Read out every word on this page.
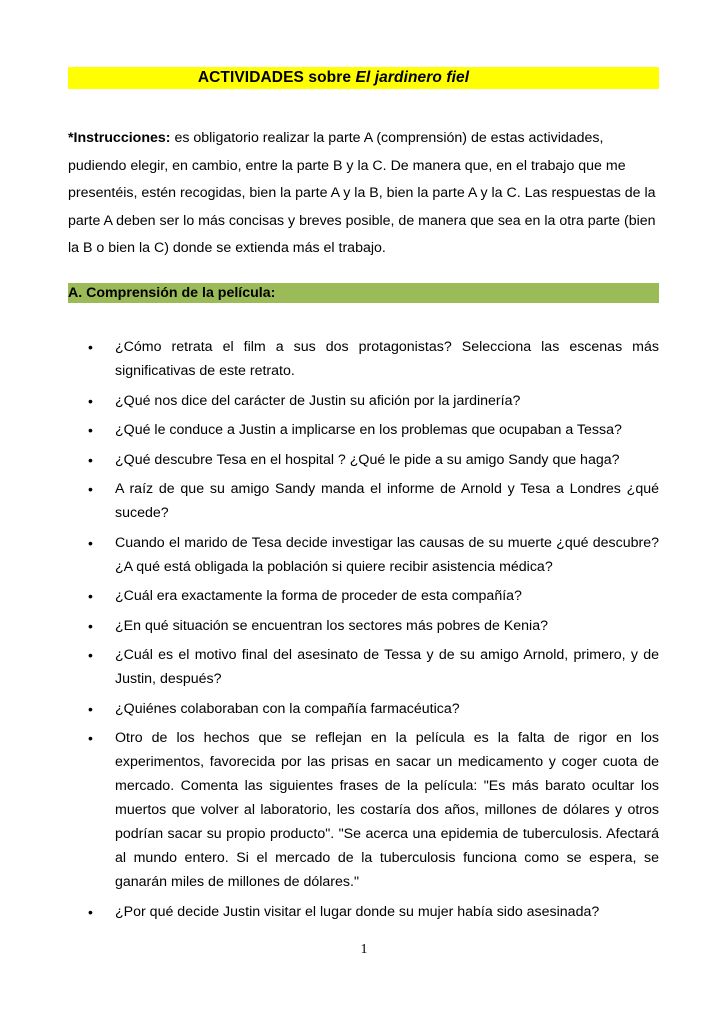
ACTIVIDADES sobre El jardinero fiel
*Instrucciones: es obligatorio realizar la parte A (comprensión) de estas actividades, pudiendo elegir, en cambio, entre la parte B y la C. De manera que, en el trabajo que me presentéis, estén recogidas, bien la parte A y la B, bien la parte A y la C. Las respuestas de la parte A deben ser lo más concisas y breves posible, de manera que sea en la otra parte (bien la B o bien la C) donde se extienda más el trabajo.
A. Comprensión de la película:
• ¿Cómo retrata el film a sus dos protagonistas? Selecciona las escenas más significativas de este retrato.
• ¿Qué nos dice del carácter de Justin su afición por la jardinería?
• ¿Qué le conduce a Justin a implicarse en los problemas que ocupaban a Tessa?
• ¿Qué descubre Tesa en el hospital ? ¿Qué le pide a su amigo Sandy que haga?
• A raíz de que su amigo Sandy manda el informe de Arnold y Tesa a Londres ¿qué sucede?
• Cuando el marido de Tesa decide investigar las causas de su muerte ¿qué descubre? ¿A qué está obligada la población si quiere recibir asistencia médica?
• ¿Cuál era exactamente la forma de proceder de esta compañía?
• ¿En qué situación se encuentran los sectores más pobres de Kenia?
• ¿Cuál es el motivo final del asesinato de Tessa y de su amigo Arnold, primero, y de Justin, después?
• ¿Quiénes colaboraban con la compañía farmacéutica?
• Otro de los hechos que se reflejan en la película es la falta de rigor en los experimentos, favorecida por las prisas en sacar un medicamento y coger cuota de mercado. Comenta las siguientes frases de la película: "Es más barato ocultar los muertos que volver al laboratorio, les costaría dos años, millones de dólares y otros podrían sacar su propio producto". "Se acerca una epidemia de tuberculosis. Afectará al mundo entero. Si el mercado de la tuberculosis funciona como se espera, se ganarán miles de millones de dólares."
• ¿Por qué decide Justin visitar el lugar donde su mujer había sido asesinada?
1
